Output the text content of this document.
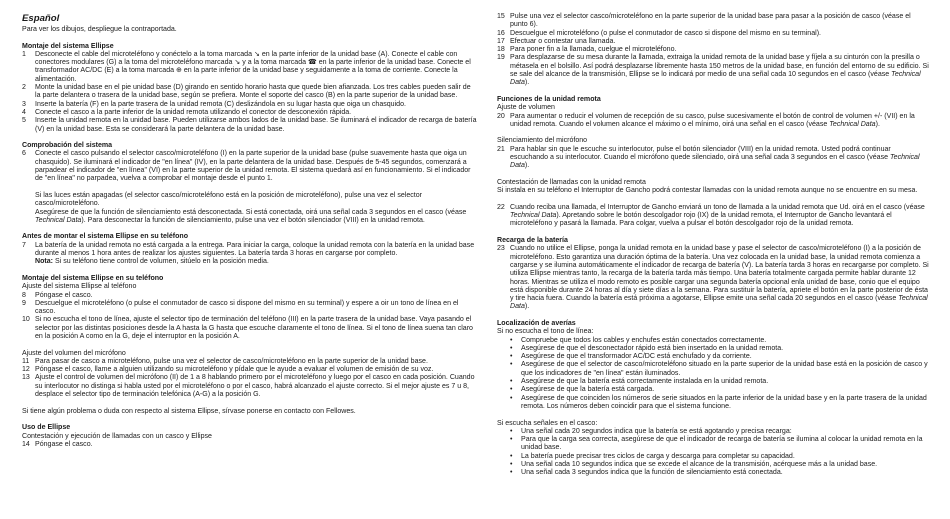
Español
Para ver los dibujos, despliegue la contraportada.
Montaje del sistema Ellipse
1	Desconecte el cable del microteléfono y conéctelo a la toma marcada ↘ en la parte inferior de la unidad base (A). Conecte el cable con conectores modulares (G) a la toma del microteléfono marcada ↘ y a la toma marcada ☎ en la parte inferior de la unidad base. Conecte el transformador AC/DC (E) a la toma marcada ⊕ en la parte inferior de la unidad base y seguidamente a la toma de corriente. Conecte la alimentación.
2	Monte la unidad base en el pie unidad base (D) girando en sentido horario hasta que quede bien afianzada. Los tres cables pueden salir de la parte delantera o trasera de la unidad base, según se prefiera. Monte el soporte del casco (B) en la parte superior de la unidad base.
3	Inserte la batería (F) en la parte trasera de la unidad remota (C) deslizándola en su lugar hasta que oiga un chasquido.
4	Conecte el casco a la parte inferior de la unidad remota utilizando el conector de desconexión rápida.
5	Inserte la unidad remota en la unidad base. Pueden utilizarse ambos lados de la unidad base. Se iluminará el indicador de recarga de batería (V) en la unidad base. Esta se considerará la parte delantera de la unidad base.
Comprobación del sistema
6	Conecte el casco pulsando el selector casco/microteléfono (I) en la parte superior de la unidad base (pulse suavemente hasta que oiga un chasquido). Se iluminará el indicador de "en línea" (IV), en la parte delantera de la unidad base. Después de 5-45 segundos, comenzará a parpadear el indicador de "en línea" (VI) en la parte superior de la unidad remota. El sistema quedará así en funcionamiento. Si el indicador de "en línea" no parpadea, vuelva a comprobar el montaje desde el punto 1.
Si las luces están apagadas (el selector casco/microteléfono está en la posición de microteléfono), pulse una vez el selector casco/microteléfono.
Asegúrese de que la función de silenciamiento está desconectada. Si está conectada, oirá una señal cada 3 segundos en el casco (véase Technical Data). Para desconectar la función de silenciamiento, pulse una vez el botón silenciador (VIII) en la unidad remota.
Antes de montar el sistema Ellipse en su teléfono
7	La batería de la unidad remota no está cargada a la entrega. Para iniciar la carga, coloque la unidad remota con la batería en la unidad base durante al menos 1 hora antes de realizar los ajustes siguientes. La batería tarda 3 horas en cargarse por completo.
Nota: Si su teléfono tiene control de volumen, sitúelo en la posición media.
Montaje del sistema Ellipse en su teléfono
Ajuste del sistema Ellipse al teléfono
8	Póngase el casco.
9	Descuelgue el microteléfono (o pulse el conmutador de casco si dispone del mismo en su terminal) y espere a oir un tono de línea en el casco.
10 Si no escucha el tono de línea, ajuste el selector tipo de terminación del teléfono (III) en la parte trasera de la unidad base. Vaya pasando el selector por las distintas posiciones desde la A hasta la G hasta que escuche claramente el tono de línea. Si el tono de línea suena tan claro en la posición A como en la G, deje el interruptor en la posición A.
Ajuste del volumen del micrófono
11 Para pasar de casco a microteléfono, pulse una vez el selector de casco/microteléfono en la parte superior de la unidad base.
12 Póngase el casco, llame a alguien utilizando su microteléfono y pídale que le ayude a evaluar el volumen de emisión de su voz.
13 Ajuste el control de volumen del micrófono (II) de 1 a 8 hablando primero por el microteléfono y luego por el casco en cada posición. Cuando su interlocutor no distinga si habla usted por el microteléfono o por el casco, habrá alcanzado el ajuste correcto. Si el mejor ajuste es 7 u 8, desplace el selector tipo de terminación telefónica (A-G) a la posición G.
Si tiene algún problema o duda con respecto al sistema Ellipse, sírvase ponerse en contacto con Fellowes.
Uso de Ellipse
Contestación y ejecución de llamadas con un casco y Ellipse
14 Póngase el casco.
15 Pulse una vez el selector casco/microteléfono en la parte superior de la unidad base para pasar a la posición de casco (véase el punto 6).
16 Descuelgue el microteléfono (o pulse el conmutador de casco si dispone del mismo en su terminal).
17 Efectuar o contestar una llamada.
18 Para poner fin a la llamada, cuelgue el microteléfono.
19 Para desplazarse de su mesa durante la llamada, extraiga la unidad remota de la unidad base y fíjela a su cinturón con la presilla o métasela en el bolsillo. Así podrá desplazarse libremente hasta 150 metros de la unidad base, en función del entorno de su edificio. Si se sale del alcance de la transmisión, Ellipse se lo indicará por medio de una señal cada 10 segundos en el casco (véase Technical Data).
Funciones de la unidad remota
Ajuste de volumen
20 Para aumentar o reducir el volumen de recepción de su casco, pulse sucesivamente el botón de control de volumen +/- (VII) en la unidad remota. Cuando el volumen alcance el máximo o el mínimo, oirá una señal en el casco (véase Technical Data).
Silenciamiento del micrófono
21 Para hablar sin que le escuche su interlocutor, pulse el botón silenciador (VIII) en la unidad remota. Usted podrá continuar escuchando a su interlocutor. Cuando el micrófono quede silenciado, oirá una señal cada 3 segundos en el casco (véase Technical Data).
Contestación de llamadas con la unidad remota
Si instala en su teléfono el Interruptor de Gancho podrá contestar llamadas con la unidad remota aunque no se encuentre en su mesa.
22 Cuando reciba una llamada, el Interruptor de Gancho enviará un tono de llamada a la unidad remota que Ud. oirá en el casco (véase Technical Data). Apretando sobre le botón descolgador rojo (IX) de la unidad remota, el Interruptor de Gancho levantará el microteléfono y pasará la llamada. Para colgar, vuelva a pulsar el botón descolgador rojo de la unidad remota.
Recarga de la batería
23 Cuando no utilice el Ellipse, ponga la unidad remota en la unidad base y pase el selector de casco/microteléfono (I) a la posición de microteléfono. Esto garantiza una duración óptima de la batería. Una vez colocada en la unidad base, la unidad remota comienza a cargarse y se ilumina automáticamente el indicador de recarga de batería (V). La batería tarda 3 horas en recargarse por completo. Si utiliza Ellipse mientras tanto, la recarga de la batería tarda más tiempo. Una batería totalmente cargada permite hablar durante 12 horas. Mientras se utiliza el modo remoto es posible cargar una segunda batería opcional enla unidad de base, conio que el equipo está disponible durante 24 horas al día y siete días a la semana. Para sustituir la batería, apriete el botón en la parte posterior de ésta y tire hacia fuera. Cuando la batería está próxima a agotarse, Ellipse emite una señal cada 20 segundos en el casco (véase Technical Data).
Localización de averías
Si no escucha el tono de línea:
•	Compruebe que todos los cables y enchufes están conectados correctamente.
•	Asegúrese de que el desconectador rápido está bien insertado en la unidad remota.
•	Asegúrese de que el transformador AC/DC está enchufado y da corriente.
•	Asegúrese de que el selector de casco/microteléfono situado en la parte superior de la unidad base está en la posición de casco y que los indicadores de "en línea" están iluminados.
•	Asegúrese de que la batería está correctamente instalada en la unidad remota.
•	Asegúrese de que la batería está cargada.
•	Asegúrese de que coinciden los números de serie situados en la parte inferior de la unidad base y en la parte trasera de la unidad remota. Los números deben coincidir para que el sistema funcione.
Si escucha señales en el casco:
•	Una señal cada 20 segundos indica que la batería se está agotando y precisa recarga:
•	Para que la carga sea correcta, asegúrese de que el indicador de recarga de batería se ilumina al colocar la unidad remota en la unidad base.
•	La batería puede precisar tres ciclos de carga y descarga para completar su capacidad.
•	Una señal cada 10 segundos indica que se excede el alcance de la transmisión, acérquese más a la unidad base.
•	Una señal cada 3 segundos indica que la función de silenciamiento está conectada.
